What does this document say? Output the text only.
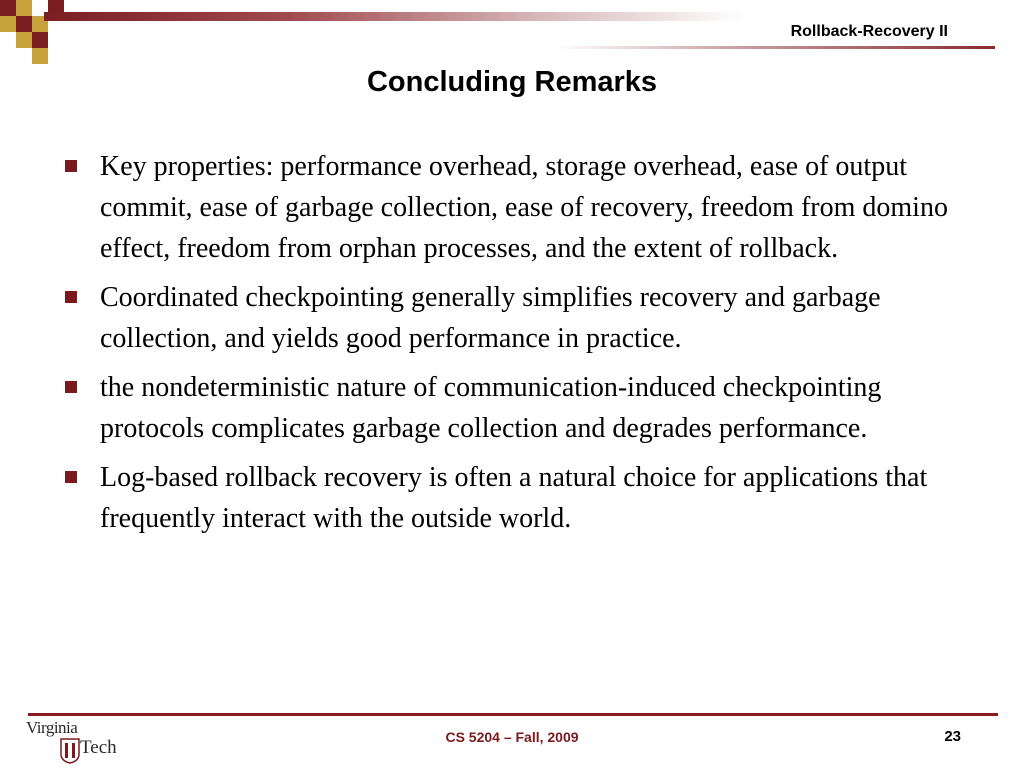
Rollback-Recovery II
Concluding Remarks
Key properties: performance overhead, storage overhead, ease of output commit, ease of garbage collection, ease of recovery, freedom from domino effect, freedom from orphan processes, and the extent of rollback.
Coordinated checkpointing generally simplifies recovery and garbage collection, and yields good performance in practice.
the nondeterministic nature of communication-induced checkpointing protocols complicates garbage collection and degrades performance.
Log-based rollback recovery is often a natural choice for applications that frequently interact with the outside world.
Virginia
Tech	CS 5204 – Fall, 2009	23
